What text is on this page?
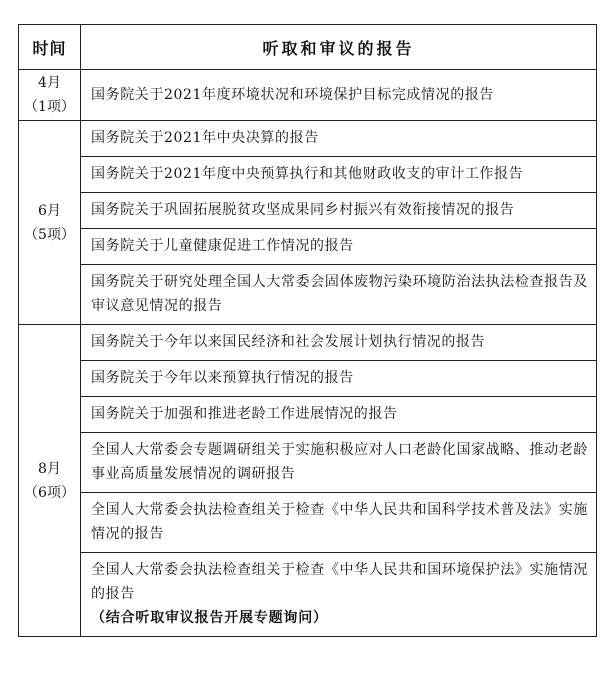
时间	听取和审议的报告
4月
（1项）	国务院关于2021年度环境状况和环境保护目标完成情况的报告
6月
（5项）	国务院关于2021年中央决算的报告
	国务院关于2021年度中央预算执行和其他财政收支的审计工作报告
	国务院关于巩固拓展脱贫攻坚成果同乡村振兴有效衔接情况的报告
	国务院关于儿童健康促进工作情况的报告
	国务院关于研究处理全国人大常委会固体废物污染环境防治法执法检查报告及审议意见情况的报告
8月
（6项）	国务院关于今年以来国民经济和社会发展计划执行情况的报告
	国务院关于今年以来预算执行情况的报告
	国务院关于加强和推进老龄工作进展情况的报告
	全国人大常委会专题调研组关于实施积极应对人口老龄化国家战略、推动老龄事业高质量发展情况的调研报告
	全国人大常委会执法检查组关于检查《中华人民共和国科学技术普及法》实施情况的报告
	全国人大常委会执法检查组关于检查《中华人民共和国环境保护法》实施情况的报告
（结合听取审议报告开展专题询问）
